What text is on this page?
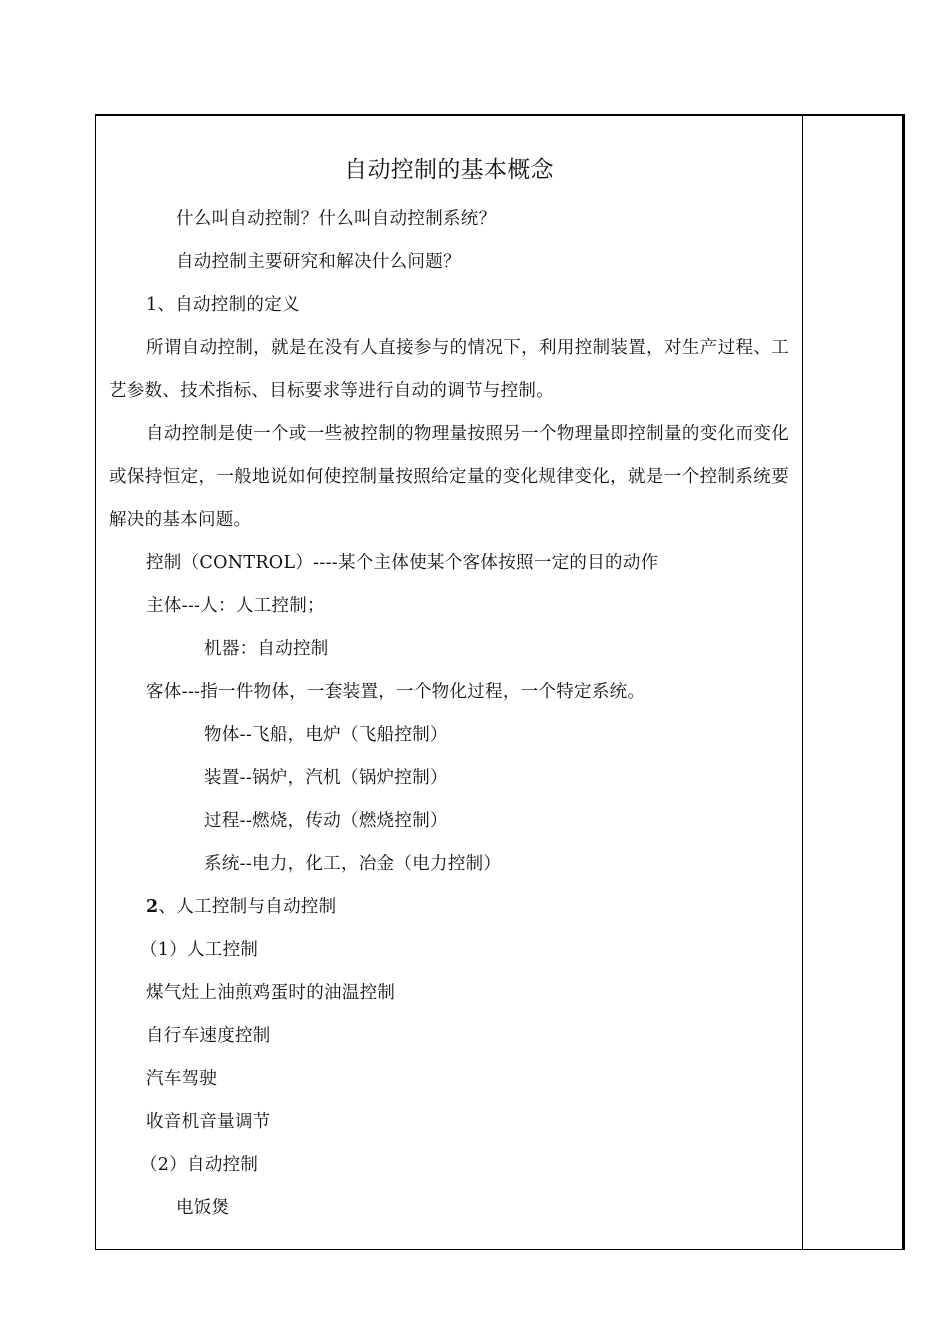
自动控制的基本概念
什么叫自动控制？什么叫自动控制系统？
自动控制主要研究和解决什么问题？
1、自动控制的定义
所谓自动控制，就是在没有人直接参与的情况下，利用控制装置，对生产过程、工艺参数、技术指标、目标要求等进行自动的调节与控制。
自动控制是使一个或一些被控制的物理量按照另一个物理量即控制量的变化而变化或保持恒定，一般地说如何使控制量按照给定量的变化规律变化，就是一个控制系统要解决的基本问题。
控制（CONTROL）----某个主体使某个客体按照一定的目的动作
主体---人：人工控制；
机器：自动控制
客体---指一件物体，一套装置，一个物化过程，一个特定系统。
物体--飞船，电炉（飞船控制）
装置--锅炉，汽机（锅炉控制）
过程--燃烧，传动（燃烧控制）
系统--电力，化工，冶金（电力控制）
2、人工控制与自动控制
（1）人工控制
煤气灶上油煎鸡蛋时的油温控制
自行车速度控制
汽车驾驶
收音机音量调节
（2）自动控制
电饭煲
